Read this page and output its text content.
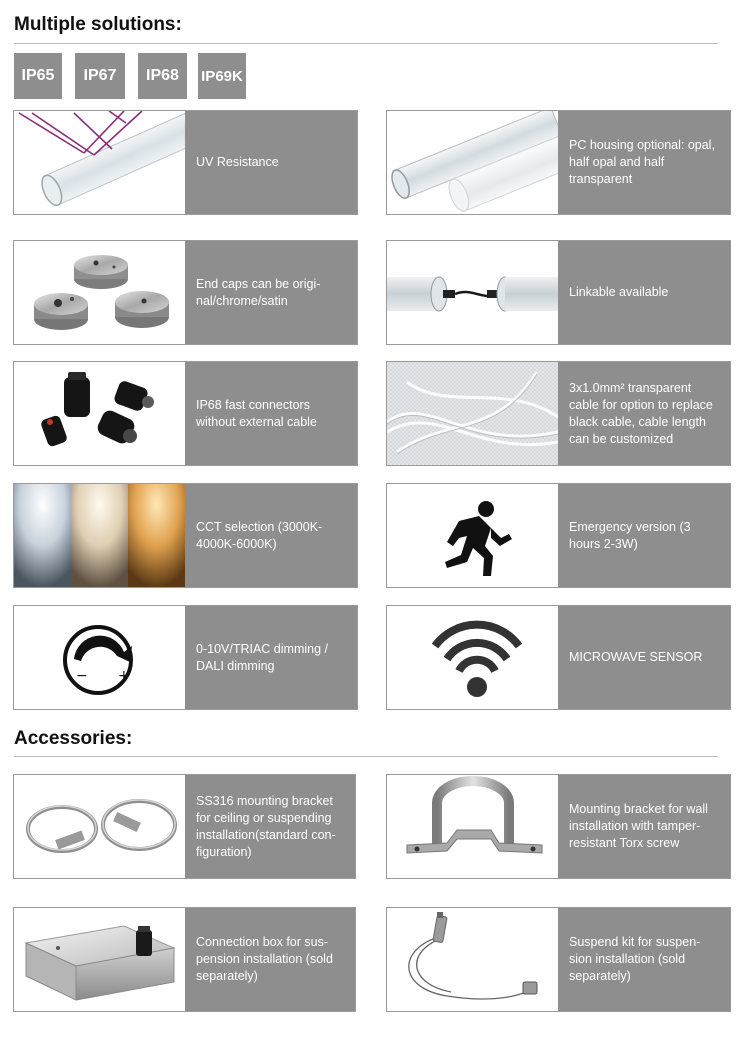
Multiple solutions:
IP65	IP67	IP68	IP69K
UV Resistance
PC housing optional: opal, half opal and half transparent
End caps can be origi-nal/chrome/satin
Linkable available
IP68 fast connectors without external cable
3x1.0mm² transparent cable for option to replace black cable, cable length can be customized
CCT selection (3000K-4000K-6000K)
Emergency version (3 hours 2-3W)
− +
0-10V/TRIAC dimming / DALI dimming
MICROWAVE SENSOR
Accessories:
SS316 mounting bracket for ceiling or suspending installation(standard con-figuration)
Mounting bracket for wall installation with tamper-resistant Torx screw
Connection box for sus-pension installation (sold separately)
Suspend kit for suspen-sion installation (sold separately)
